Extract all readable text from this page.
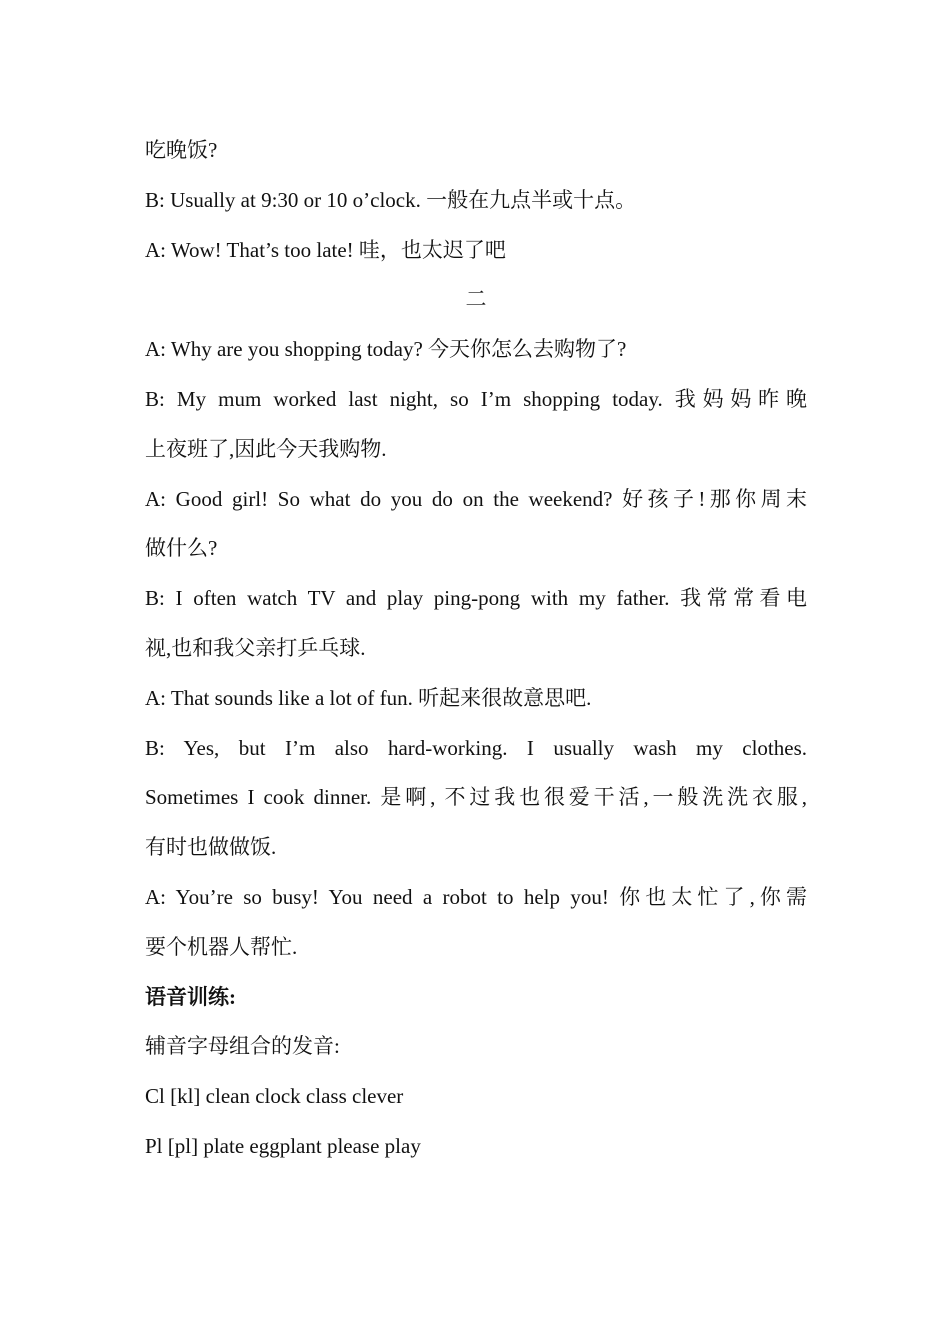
吃晚饭?
B: Usually at 9:30 or 10 o’clock. 一般在九点半或十点。
A: Wow! That’s too late! 哇，也太迟了吧
二
A: Why are you shopping today? 今天你怎么去购物了?
B: My mum worked last night, so I’m shopping today. 我妈妈昨晚
上夜班了,因此今天我购物.
A: Good girl! So what do you do on the weekend? 好孩子!那你周末
做什么?
B: I often watch TV and play ping-pong with my father. 我常常看电
视,也和我父亲打乒乓球.
A: That sounds like a lot of fun. 听起来很故意思吧.
B: Yes, but I’m also hard-working. I usually wash my clothes.
Sometimes I cook dinner. 是啊, 不过我也很爱干活,一般洗洗衣服,
有时也做做饭.
A: You’re so busy! You need a robot to help you! 你也太忙了,你需
要个机器人帮忙.
语音训练:
辅音字母组合的发音:
Cl [kl] clean clock class clever
Pl [pl] plate eggplant please play
